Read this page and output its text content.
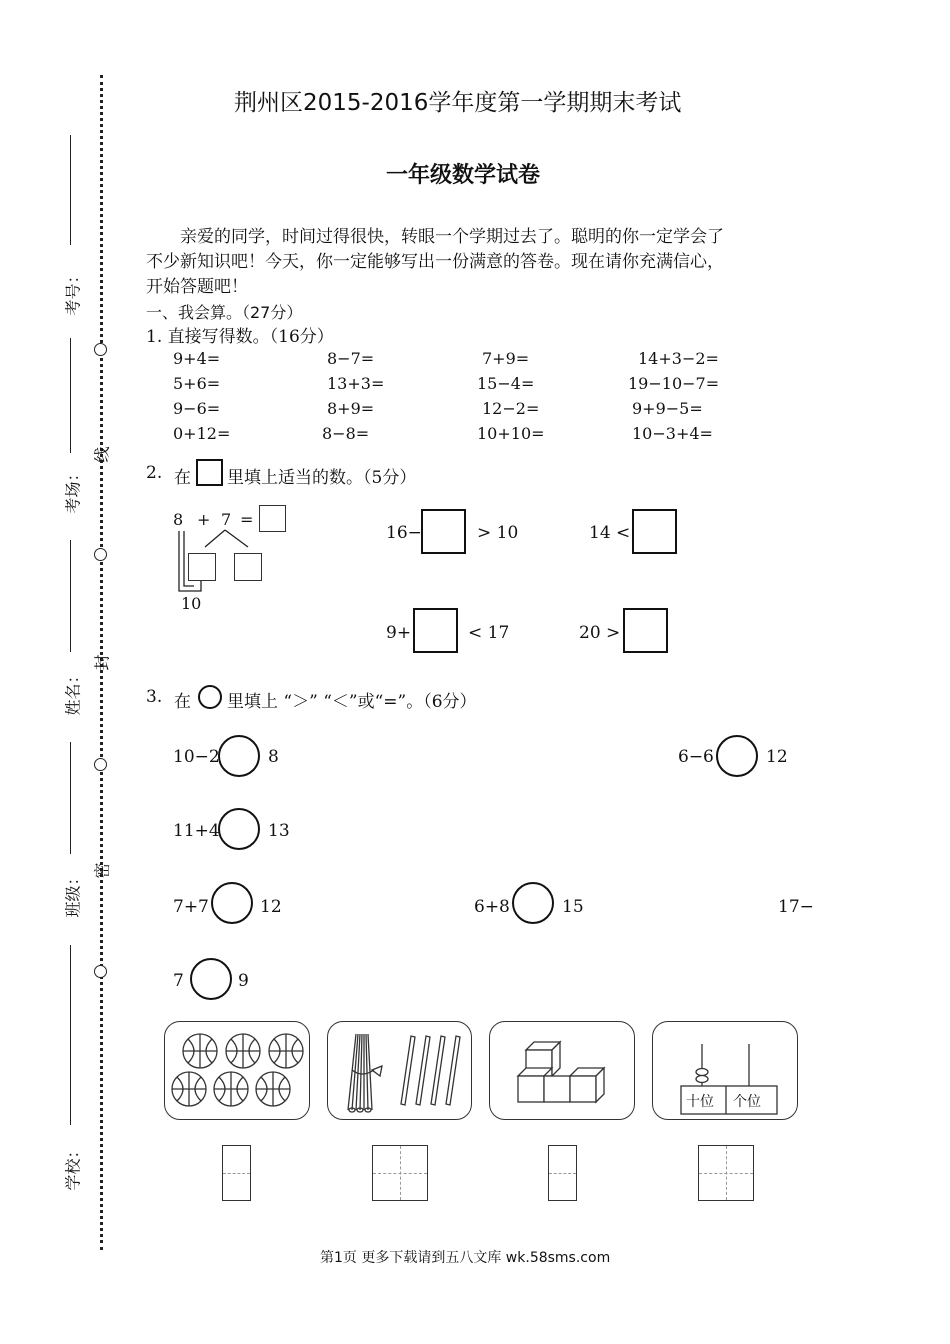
线
封
密
考号：
考场：
姓名：
班级：
学校：
荆州区2015-2016学年度第一学期期末考试
一年级数学试卷
亲爱的同学，时间过得很快，转眼一个学期过去了。聪明的你一定学会了
不少新知识吧！今天，你一定能够写出一份满意的答卷。现在请你充满信心，
开始答题吧！
一、我会算。（27分）
1. 直接写得数。（16分）
9+4=	8−7=	7+9=	14+3−2=
5+6=	13+3=	15−4=	19−10−7=
9−6=	8+9=	12−2=	9+9−5=
0+12=	8−8=	10+10=	10−3+4=
2. 在 里填上适当的数。（5分）
8 + 7 =
10
16−	> 10	14 <
9+	< 17	20 >
3. 在 里填上 “＞” “＜”或“=”。（6分）
10−2	8	6−6	12
11+4	13
7+7	12	6+8	15	17−
7	9
十位 个位
第1页 更多下载请到五八文库 wk.58sms.com
